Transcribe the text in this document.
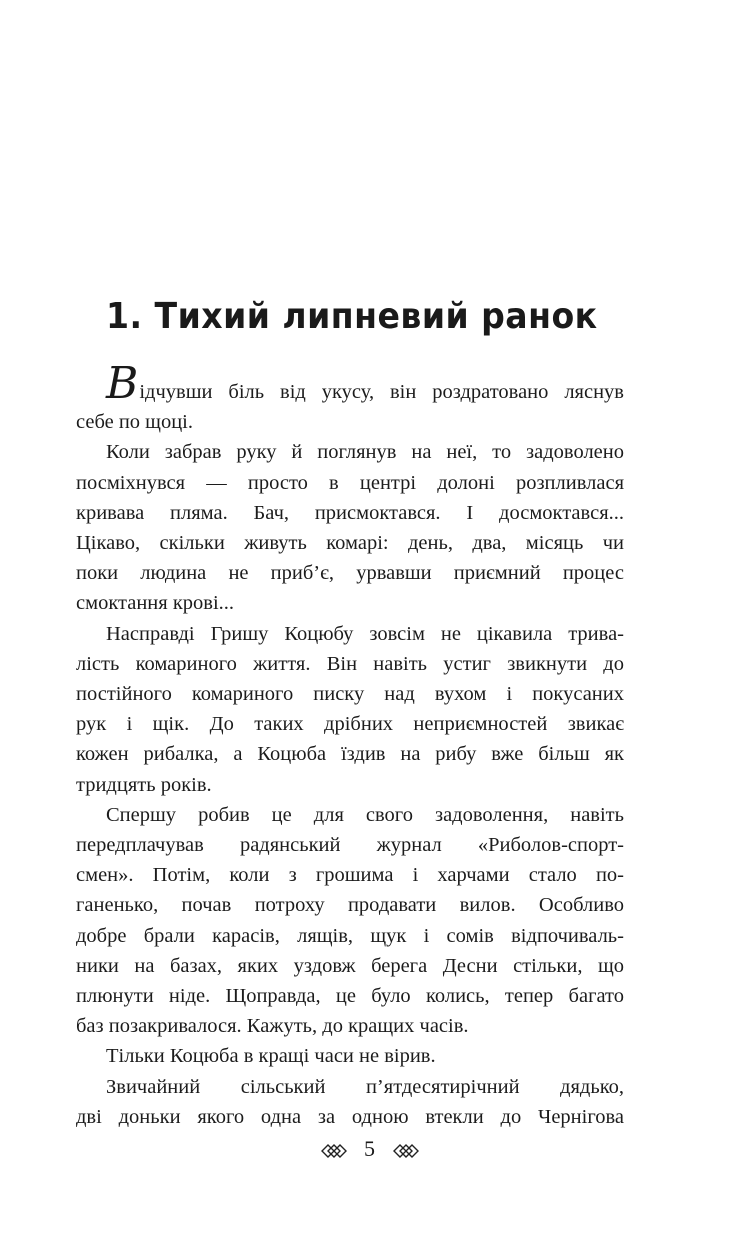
1. Тихий липневий ранок
Відчувши біль від укусу, він роздратовано ляснув
себе по щоці.
Коли забрав руку й поглянув на неї, то задоволено
посміхнувся — просто в центрі долоні розпливлася
кривава пляма. Бач, присмоктався. І досмоктався...
Цікаво, скільки живуть комарі: день, два, місяць чи
поки людина не приб’є, урвавши приємний процес
смоктання крові...
Насправді Гришу Коцюбу зовсім не цікавила трива-
лість комариного життя. Він навіть устиг звикнути до
постійного комариного писку над вухом і покусаних
рук і щік. До таких дрібних неприємностей звикає
кожен рибалка, а Коцюба їздив на рибу вже більш як
тридцять років.
Спершу робив це для свого задоволення, навіть
передплачував радянський журнал «Риболов-спорт-
смен». Потім, коли з грошима і харчами стало по-
ганенько, почав потроху продавати вилов. Особливо
добре брали карасів, лящів, щук і сомів відпочиваль-
ники на базах, яких уздовж берега Десни стільки, що
плюнути ніде. Щоправда, це було колись, тепер багато
баз позакривалося. Кажуть, до кращих часів.
Тільки Коцюба в кращі часи не вірив.
Звичайний сільський п’ятдесятирічний дядько,
дві доньки якого одна за одною втекли до Чернігова
5
